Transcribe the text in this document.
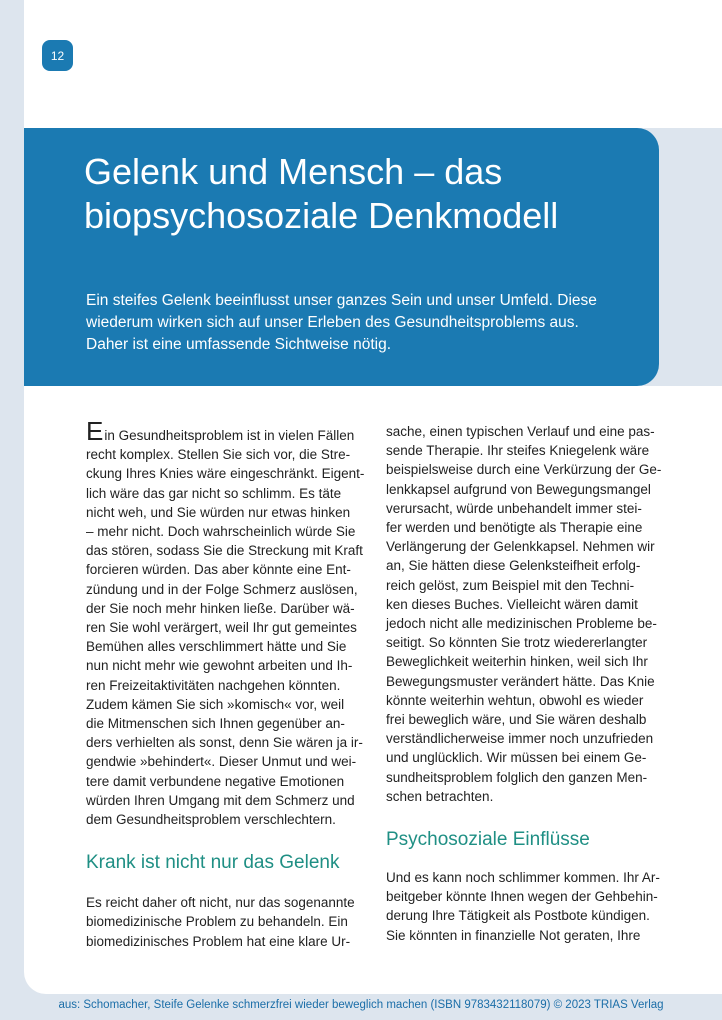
12
Gelenk und Mensch – das
biopsychosoziale Denkmodell

Ein steifes Gelenk beeinflusst unser ganzes Sein und unser Umfeld. Diese
wiederum wirken sich auf unser Erleben des Gesundheitsproblems aus.
Daher ist eine umfassende Sichtweise nötig.

Ein Gesundheitsproblem ist in vielen Fällen
recht komplex. Stellen Sie sich vor, die Stre-
ckung Ihres Knies wäre eingeschränkt. Eigent-
lich wäre das gar nicht so schlimm. Es täte
nicht weh, und Sie würden nur etwas hinken
– mehr nicht. Doch wahrscheinlich würde Sie
das stören, sodass Sie die Streckung mit Kraft
forcieren würden. Das aber könnte eine Ent-
zündung und in der Folge Schmerz auslösen,
der Sie noch mehr hinken ließe. Darüber wä-
ren Sie wohl verärgert, weil Ihr gut gemeintes
Bemühen alles verschlimmert hätte und Sie
nun nicht mehr wie gewohnt arbeiten und Ih-
ren Freizeitaktivitäten nachgehen könnten.
Zudem kämen Sie sich »komisch« vor, weil
die Mitmenschen sich Ihnen gegenüber an-
ders verhielten als sonst, denn Sie wären ja ir-
gendwie »behindert«. Dieser Unmut und wei-
tere damit verbundene negative Emotionen
würden Ihren Umgang mit dem Schmerz und
dem Gesundheitsproblem verschlechtern.

Krank ist nicht nur das Gelenk

Es reicht daher oft nicht, nur das sogenannte
biomedizinische Problem zu behandeln. Ein
biomedizinisches Problem hat eine klare Ur-

sache, einen typischen Verlauf und eine pas-
sende Therapie. Ihr steifes Kniegelenk wäre
beispielsweise durch eine Verkürzung der Ge-
lenkkapsel aufgrund von Bewegungsmangel
verursacht, würde unbehandelt immer stei-
fer werden und benötigte als Therapie eine
Verlängerung der Gelenkkapsel. Nehmen wir
an, Sie hätten diese Gelenksteifheit erfolg-
reich gelöst, zum Beispiel mit den Techni-
ken dieses Buches. Vielleicht wären damit
jedoch nicht alle medizinischen Probleme be-
seitigt. So könnten Sie trotz wiedererlangter
Beweglichkeit weiterhin hinken, weil sich Ihr
Bewegungsmuster verändert hätte. Das Knie
könnte weiterhin wehtun, obwohl es wieder
frei beweglich wäre, und Sie wären deshalb
verständlicherweise immer noch unzufrieden
und unglücklich. Wir müssen bei einem Ge-
sundheitsproblem folglich den ganzen Men-
schen betrachten.

Psychosoziale Einflüsse

Und es kann noch schlimmer kommen. Ihr Ar-
beitgeber könnte Ihnen wegen der Gehbehin-
derung Ihre Tätigkeit als Postbote kündigen.
Sie könnten in finanzielle Not geraten, Ihre

aus: Schomacher, Steife Gelenke schmerzfrei wieder beweglich machen (ISBN 9783432118079) © 2023 TRIAS Verlag
